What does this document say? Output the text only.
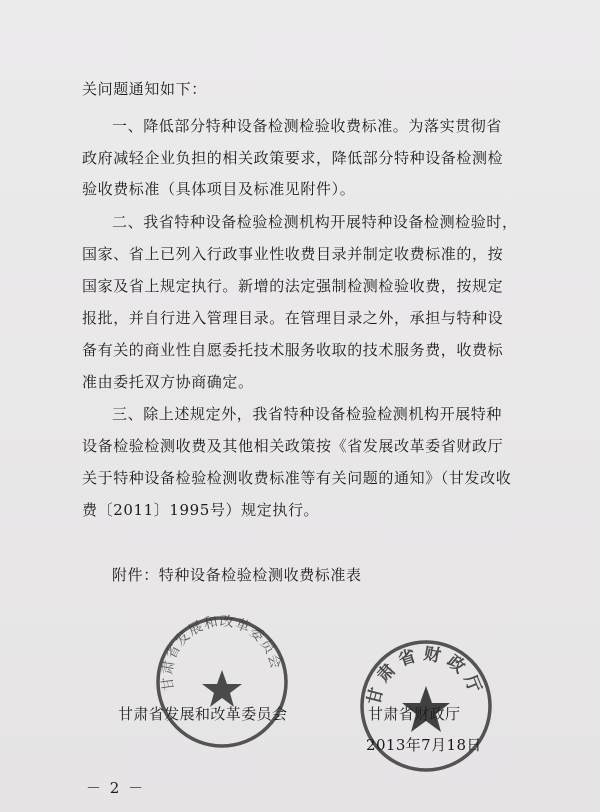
关问题通知如下：
一、降低部分特种设备检测检验收费标准。为落实贯彻省
政府减轻企业负担的相关政策要求，降低部分特种设备检测检
验收费标准（具体项目及标准见附件）。
二、我省特种设备检验检测机构开展特种设备检测检验时，
国家、省上已列入行政事业性收费目录并制定收费标准的，按
国家及省上规定执行。新增的法定强制检测检验收费，按规定
报批，并自行进入管理目录。在管理目录之外，承担与特种设
备有关的商业性自愿委托技术服务收取的技术服务费，收费标
准由委托双方协商确定。
三、除上述规定外，我省特种设备检验检测机构开展特种
设备检验检测收费及其他相关政策按《省发展改革委省财政厅
关于特种设备检验检测收费标准等有关问题的通知》（甘发改收
费〔2011〕1995号）规定执行。
附件：特种设备检验检测收费标准表
甘肃省发展和改革委员会
甘肃省财政厅
甘肃省发展和改革委员会	甘肃省财政厅
2013年7月18日
－ 2 －
